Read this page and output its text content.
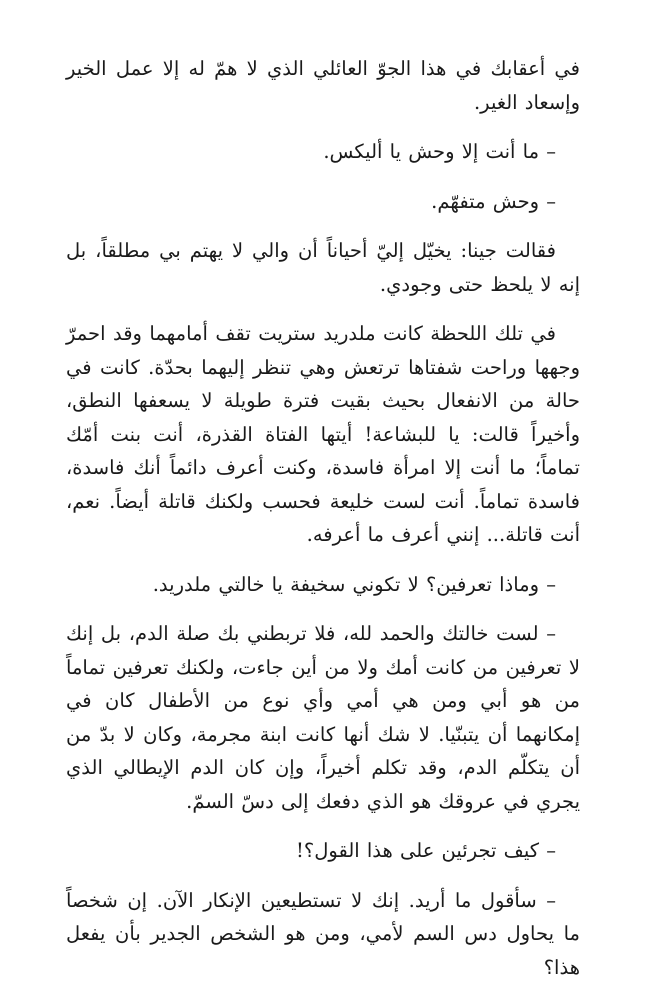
في أعقابك في هذا الجوّ العائلي الذي لا همّ له إلا عمل الخير وإسعاد الغير.

– ما أنت إلا وحش يا أليكس.

– وحش متفهّم.

فقالت جينا: يخيّل إليّ أحياناً أن والي لا يهتم بي مطلقاً، بل إنه لا يلحظ حتى وجودي.

في تلك اللحظة كانت ملدريد ستريت تقف أمامهما وقد احمرّ وجهها وراحت شفتاها ترتعش وهي تنظر إليهما بحدّة. كانت في حالة من الانفعال بحيث بقيت فترة طويلة لا يسعفها النطق، وأخيراً قالت: يا للبشاعة! أيتها الفتاة القذرة، أنت بنت أمّك تماماً؛ ما أنت إلا امرأة فاسدة، وكنت أعرف دائماً أنك فاسدة، فاسدة تماماً. أنت لست خليعة فحسب ولكنك قاتلة أيضاً. نعم، أنت قاتلة... إنني أعرف ما أعرفه.

– وماذا تعرفين؟ لا تكوني سخيفة يا خالتي ملدريد.

– لست خالتك والحمد لله، فلا تربطني بك صلة الدم، بل إنك لا تعرفين من كانت أمك ولا من أين جاءت، ولكنك تعرفين تماماً من هو أبي ومن هي أمي وأي نوع من الأطفال كان في إمكانهما أن يتبنّيا. لا شك أنها كانت ابنة مجرمة، وكان لا بدّ من أن يتكلّم الدم، وقد تكلم أخيراً، وإن كان الدم الإيطالي الذي يجري في عروقك هو الذي دفعك إلى دسّ السمّ.

– كيف تجرئين على هذا القول؟!

– سأقول ما أريد. إنك لا تستطيعين الإنكار الآن. إن شخصاً ما يحاول دس السم لأمي، ومن هو الشخص الجدير بأن يفعل هذا؟
